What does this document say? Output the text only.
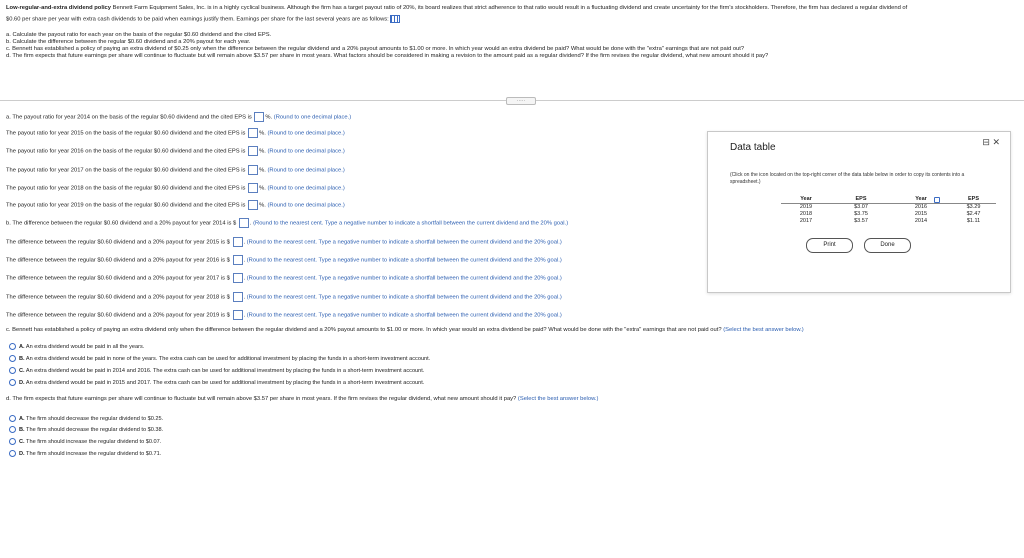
Low-regular-and-extra dividend policy Bennett Farm Equipment Sales, Inc. is in a highly cyclical business. Although the firm has a target payout ratio of 20%, its board realizes that strict adherence to that ratio would result in a fluctuating dividend and create uncertainty for the firm's stockholders. Therefore, the firm has declared a regular dividend of
$0.60 per share per year with extra cash dividends to be paid when earnings justify them. Earnings per share for the last several years are as follows:
a. Calculate the payout ratio for each year on the basis of the regular $0.60 dividend and the cited EPS.
b. Calculate the difference between the regular $0.60 dividend and a 20% payout for each year.
c. Bennett has established a policy of paying an extra dividend of $0.25 only when the difference between the regular dividend and a 20% payout amounts to $1.00 or more. In which year would an extra dividend be paid? What would be done with the "extra" earnings that are not paid out?
d. The firm expects that future earnings per share will continue to fluctuate but will remain above $3.57 per share in most years. What factors should be considered in making a revision to the amount paid as a regular dividend? If the firm revises the regular dividend, what new amount should it pay?
·····
a. The payout ratio for year 2014 on the basis of the regular $0.60 dividend and the cited EPS is %. (Round to one decimal place.)
The payout ratio for year 2015 on the basis of the regular $0.60 dividend and the cited EPS is %. (Round to one decimal place.)
The payout ratio for year 2016 on the basis of the regular $0.60 dividend and the cited EPS is %. (Round to one decimal place.)
The payout ratio for year 2017 on the basis of the regular $0.60 dividend and the cited EPS is %. (Round to one decimal place.)
The payout ratio for year 2018 on the basis of the regular $0.60 dividend and the cited EPS is %. (Round to one decimal place.)
The payout ratio for year 2019 on the basis of the regular $0.60 dividend and the cited EPS is %. (Round to one decimal place.)
b. The difference between the regular $0.60 dividend and a 20% payout for year 2014 is $ . (Round to the nearest cent. Type a negative number to indicate a shortfall between the current dividend and the 20% goal.)
The difference between the regular $0.60 dividend and a 20% payout for year 2015 is $ . (Round to the nearest cent. Type a negative number to indicate a shortfall between the current dividend and the 20% goal.)
The difference between the regular $0.60 dividend and a 20% payout for year 2016 is $ . (Round to the nearest cent. Type a negative number to indicate a shortfall between the current dividend and the 20% goal.)
The difference between the regular $0.60 dividend and a 20% payout for year 2017 is $ . (Round to the nearest cent. Type a negative number to indicate a shortfall between the current dividend and the 20% goal.)
The difference between the regular $0.60 dividend and a 20% payout for year 2018 is $ . (Round to the nearest cent. Type a negative number to indicate a shortfall between the current dividend and the 20% goal.)
The difference between the regular $0.60 dividend and a 20% payout for year 2019 is $ . (Round to the nearest cent. Type a negative number to indicate a shortfall between the current dividend and the 20% goal.)
c. Bennett has established a policy of paying an extra dividend only when the difference between the regular dividend and a 20% payout amounts to $1.00 or more. In which year would an extra dividend be paid? What would be done with the "extra" earnings that are not paid out? (Select the best answer below.)
A. An extra dividend would be paid in all the years.
B. An extra dividend would be paid in none of the years. The extra cash can be used for additional investment by placing the funds in a short-term investment account.
C. An extra dividend would be paid in 2014 and 2016. The extra cash can be used for additional investment by placing the funds in a short-term investment account.
D. An extra dividend would be paid in 2015 and 2017. The extra cash can be used for additional investment by placing the funds in a short-term investment account.
d. The firm expects that future earnings per share will continue to fluctuate but will remain above $3.57 per share in most years. If the firm revises the regular dividend, what new amount should it pay? (Select the best answer below.)
A. The firm should decrease the regular dividend to $0.25.
B. The firm should decrease the regular dividend to $0.38.
C. The firm should increase the regular dividend to $0.07.
D. The firm should increase the regular dividend to $0.71.
⊟ ✕
Data table
(Click on the icon located on the top-right corner of the data table below in order to copy its contents into a spreadsheet.)
Year	EPS	Year	EPS
2019	$3.07	2016	$3.29
2018	$3.75	2015	$2.47
2017	$3.57	2014	$1.11
Print	Done
